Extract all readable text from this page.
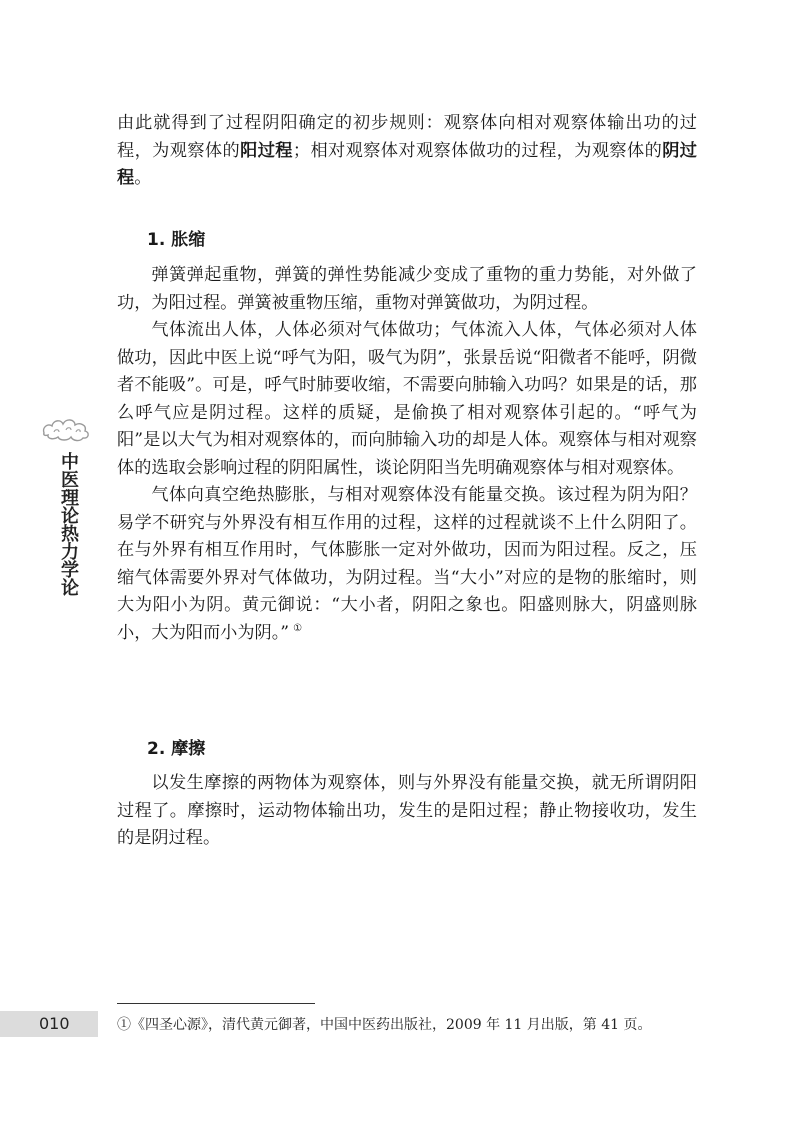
由此就得到了过程阴阳确定的初步规则：观察体向相对观察体输出功的过程，为观察体的阳过程；相对观察体对观察体做功的过程，为观察体的阴过程。

1. 胀缩

弹簧弹起重物，弹簧的弹性势能减少变成了重物的重力势能，对外做了功，为阳过程。弹簧被重物压缩，重物对弹簧做功，为阴过程。

气体流出人体，人体必须对气体做功；气体流入人体，气体必须对人体做功，因此中医上说“呼气为阳，吸气为阴”，张景岳说“阳微者不能呼，阴微者不能吸”。可是，呼气时肺要收缩，不需要向肺输入功吗？如果是的话，那么呼气应是阴过程。这样的质疑，是偷换了相对观察体引起的。“呼气为阳”是以大气为相对观察体的，而向肺输入功的却是人体。观察体与相对观察体的选取会影响过程的阴阳属性，谈论阴阳当先明确观察体与相对观察体。

气体向真空绝热膨胀，与相对观察体没有能量交换。该过程为阴为阳？易学不研究与外界没有相互作用的过程，这样的过程就谈不上什么阴阳了。在与外界有相互作用时，气体膨胀一定对外做功，因而为阳过程。反之，压缩气体需要外界对气体做功，为阴过程。当“大小”对应的是物的胀缩时，则大为阳小为阴。黄元御说：“大小者，阴阳之象也。阳盛则脉大，阴盛则脉小，大为阳而小为阴。” ①

2. 摩擦

以发生摩擦的两物体为观察体，则与外界没有能量交换，就无所谓阴阳过程了。摩擦时，运动物体输出功，发生的是阳过程；静止物接收功，发生的是阴过程。

中医理论热力学论
010	①《四圣心源》，清代黄元御著，中国中医药出版社，2009 年 11 月出版，第 41 页。
